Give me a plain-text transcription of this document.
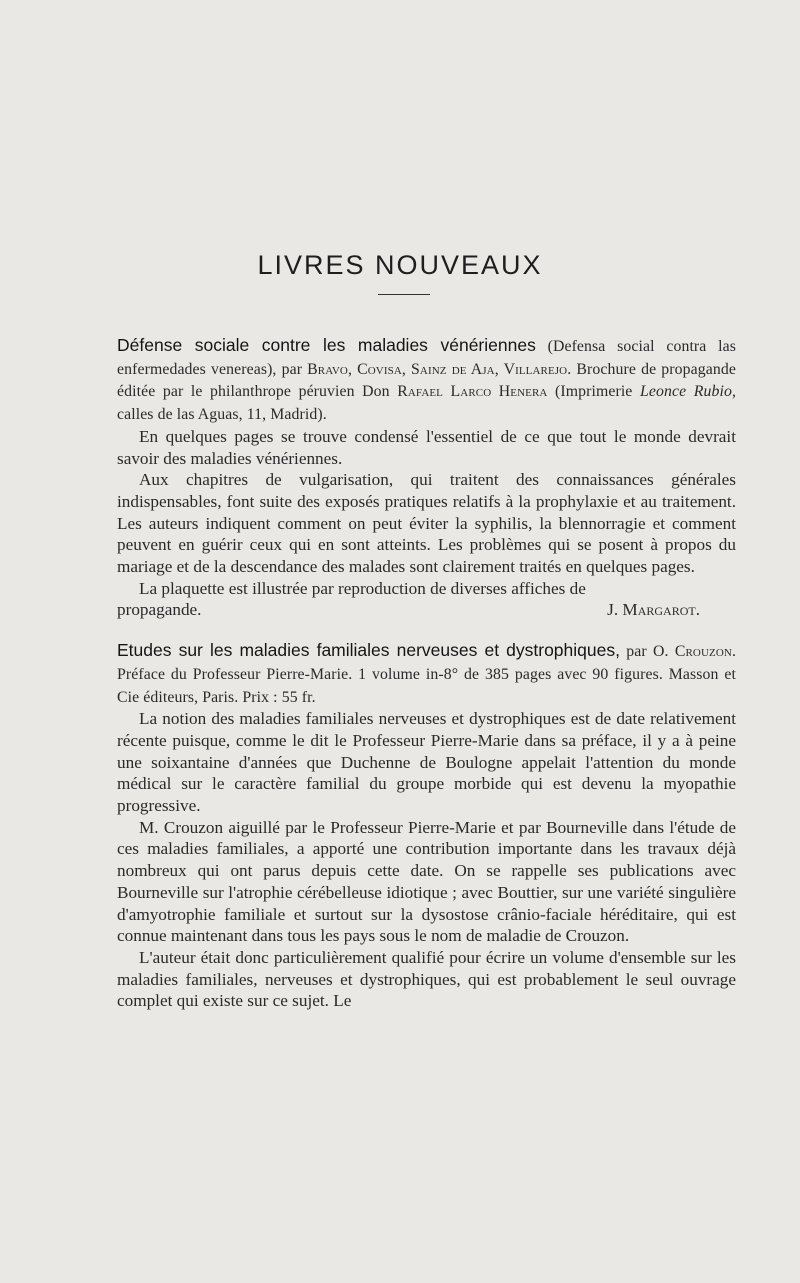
LIVRES NOUVEAUX

Défense sociale contre les maladies vénériennes (Defensa social contra las enfermedades venereas), par Bravo, Covisa, Sainz de Aja, Villarejo. Brochure de propagande éditée par le philanthrope péruvien Don Rafael Larco Henera (Imprimerie Leonce Rubio, calles de las Aguas, 11, Madrid).

En quelques pages se trouve condensé l'essentiel de ce que tout le monde devrait savoir des maladies vénériennes.

Aux chapitres de vulgarisation, qui traitent des connaissances générales indispensables, font suite des exposés pratiques relatifs à la prophylaxie et au traitement. Les auteurs indiquent comment on peut éviter la syphilis, la blennorragie et comment peuvent en guérir ceux qui en sont atteints. Les problèmes qui se posent à propos du mariage et de la descendance des malades sont clairement traités en quelques pages.

La plaquette est illustrée par reproduction de diverses affiches de

propagande.	J. Margarot.

Etudes sur les maladies familiales nerveuses et dystrophiques, par O. Crouzon. Préface du Professeur Pierre-Marie. 1 volume in-8° de 385 pages avec 90 figures. Masson et Cie éditeurs, Paris. Prix : 55 fr.

La notion des maladies familiales nerveuses et dystrophiques est de date relativement récente puisque, comme le dit le Professeur Pierre-Marie dans sa préface, il y a à peine une soixantaine d'années que Duchenne de Boulogne appelait l'attention du monde médical sur le caractère familial du groupe morbide qui est devenu la myopathie progressive.

M. Crouzon aiguillé par le Professeur Pierre-Marie et par Bourneville dans l'étude de ces maladies familiales, a apporté une contribution importante dans les travaux déjà nombreux qui ont parus depuis cette date. On se rappelle ses publications avec Bourneville sur l'atrophie cérébelleuse idiotique ; avec Bouttier, sur une variété singulière d'amyotrophie familiale et surtout sur la dysostose crânio-faciale héréditaire, qui est connue maintenant dans tous les pays sous le nom de maladie de Crouzon.

L'auteur était donc particulièrement qualifié pour écrire un volume d'ensemble sur les maladies familiales, nerveuses et dystrophiques, qui est probablement le seul ouvrage complet qui existe sur ce sujet. Le
